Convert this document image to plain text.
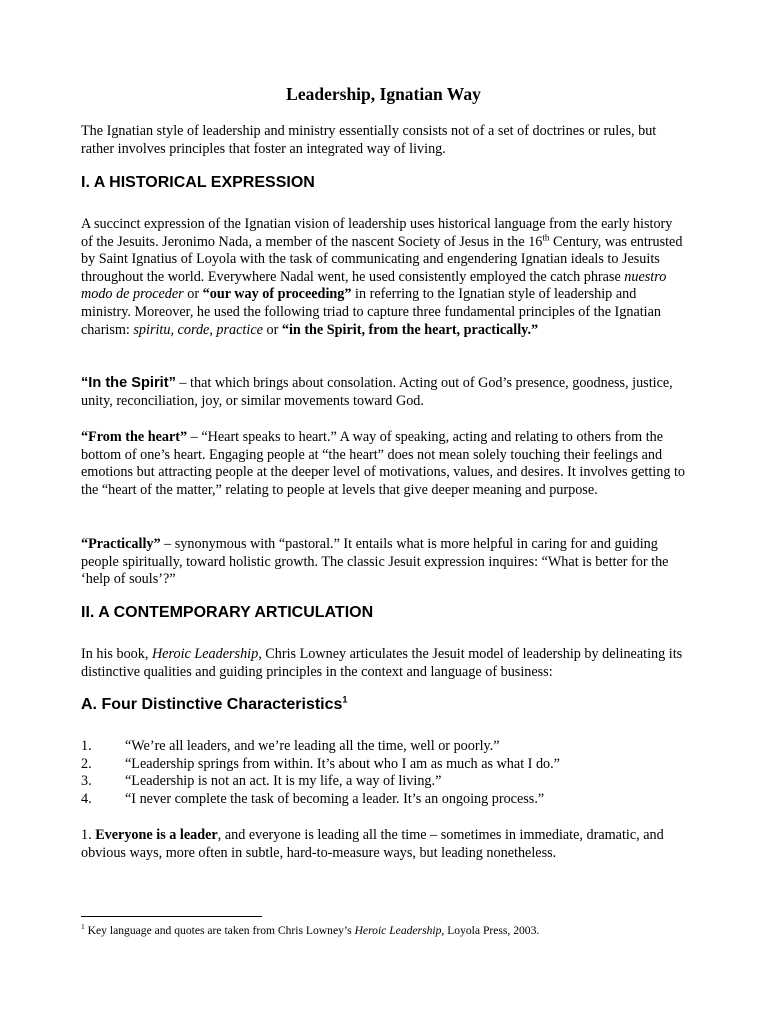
Leadership, Ignatian Way

The Ignatian style of leadership and ministry essentially consists not of a set of doctrines or rules, but rather involves principles that foster an integrated way of living.

I. A HISTORICAL EXPRESSION

A succinct expression of the Ignatian vision of leadership uses historical language from the early history of the Jesuits. Jeronimo Nada, a member of the nascent Society of Jesus in the 16th Century, was entrusted by Saint Ignatius of Loyola with the task of communicating and engendering Ignatian ideals to Jesuits throughout the world. Everywhere Nadal went, he used consistently employed the catch phrase nuestro modo de proceder or “our way of proceeding” in referring to the Ignatian style of leadership and ministry. Moreover, he used the following triad to capture three fundamental principles of the Ignatian charism: spiritu, corde, practice or “in the Spirit, from the heart, practically.”

“In the Spirit” – that which brings about consolation. Acting out of God’s presence, goodness, justice, unity, reconciliation, joy, or similar movements toward God.

“From the heart” – “Heart speaks to heart.” A way of speaking, acting and relating to others from the bottom of one’s heart. Engaging people at “the heart” does not mean solely touching their feelings and emotions but attracting people at the deeper level of motivations, values, and desires. It involves getting to the “heart of the matter,” relating to people at levels that give deeper meaning and purpose.

“Practically” – synonymous with “pastoral.” It entails what is more helpful in caring for and guiding people spiritually, toward holistic growth. The classic Jesuit expression inquires: “What is better for the ‘help of souls’?”

II. A CONTEMPORARY ARTICULATION

In his book, Heroic Leadership, Chris Lowney articulates the Jesuit model of leadership by delineating its distinctive qualities and guiding principles in the context and language of business:

A. Four Distinctive Characteristics$^1$
1.	“We’re all leaders, and we’re leading all the time, well or poorly.”
2.	“Leadership springs from within. It’s about who I am as much as what I do.”
3.	“Leadership is not an act. It is my life, a way of living.”
4.	“I never complete the task of becoming a leader. It’s an ongoing process.”

1. Everyone is a leader, and everyone is leading all the time – sometimes in immediate, dramatic, and obvious ways, more often in subtle, hard-to-measure ways, but leading nonetheless.

$^1$ Key language and quotes are taken from Chris Lowney’s Heroic Leadership, Loyola Press, 2003.
